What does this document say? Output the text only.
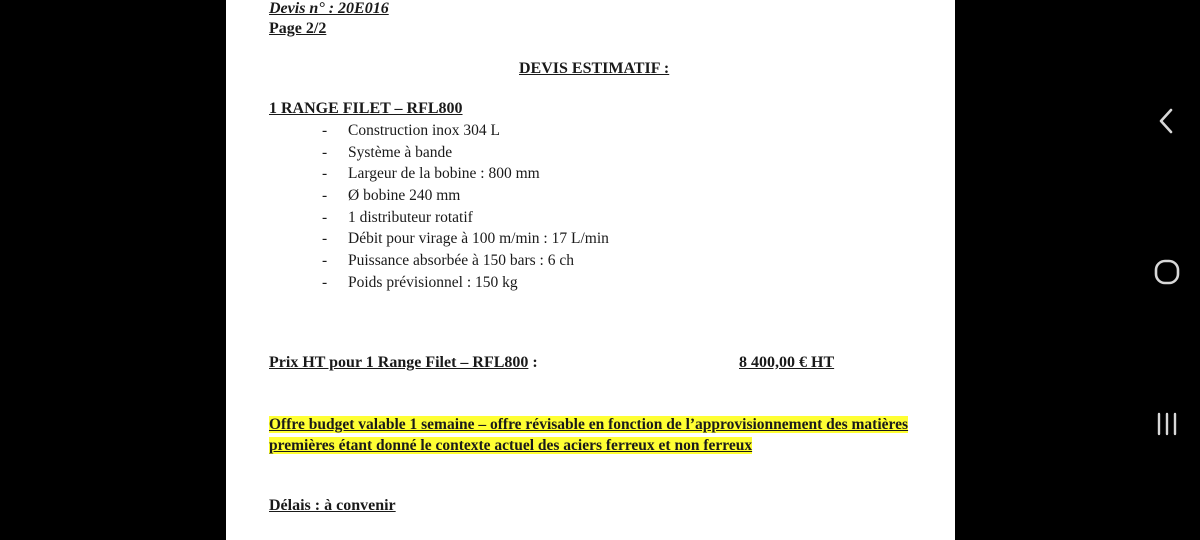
Devis n° : 20E016
Page 2/2
DEVIS ESTIMATIF :
1 RANGE FILET – RFL800
- Construction inox 304 L
- Système à bande
- Largeur de la bobine : 800 mm
- Ø bobine 240 mm
- 1 distributeur rotatif
- Débit pour virage à 100 m/min : 17 L/min
- Puissance absorbée à 150 bars : 6 ch
- Poids prévisionnel : 150 kg
Prix HT pour 1 Range Filet – RFL800 :	8 400,00 € HT
Offre budget valable 1 semaine – offre révisable en fonction de l’approvisionnement des matières premières étant donné le contexte actuel des aciers ferreux et non ferreux
Délais : à convenir
